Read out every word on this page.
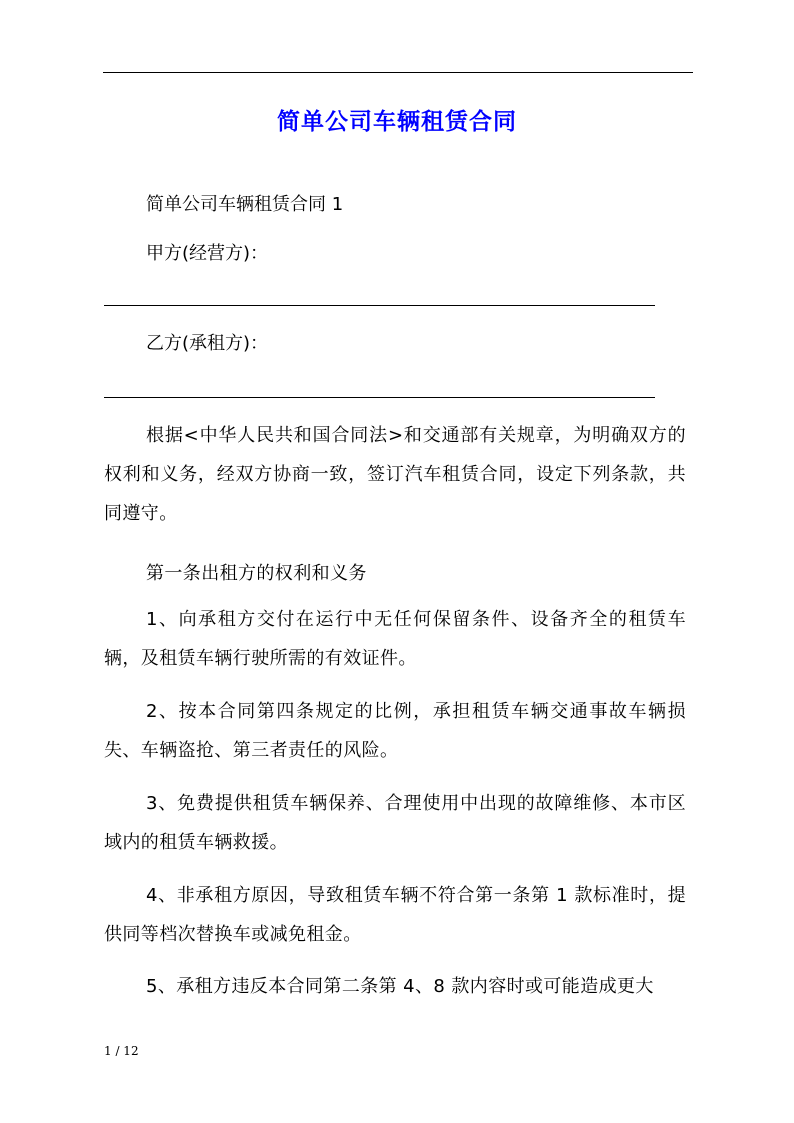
简单公司车辆租赁合同
简单公司车辆租赁合同 1
甲方(经营方)：
乙方(承租方)：

根据<中华人民共和国合同法>和交通部有关规章，为明确双方的权利和义务，经双方协商一致，签订汽车租赁合同，设定下列条款，共同遵守。

第一条出租方的权利和义务

1、向承租方交付在运行中无任何保留条件、设备齐全的租赁车辆，及租赁车辆行驶所需的有效证件。

2、按本合同第四条规定的比例，承担租赁车辆交通事故车辆损失、车辆盗抢、第三者责任的风险。

3、免费提供租赁车辆保养、合理使用中出现的故障维修、本市区域内的租赁车辆救援。

4、非承租方原因，导致租赁车辆不符合第一条第 1 款标准时，提供同等档次替换车或减免租金。

5、承租方违反本合同第二条第 4、8 款内容时或可能造成更大

1 / 12
